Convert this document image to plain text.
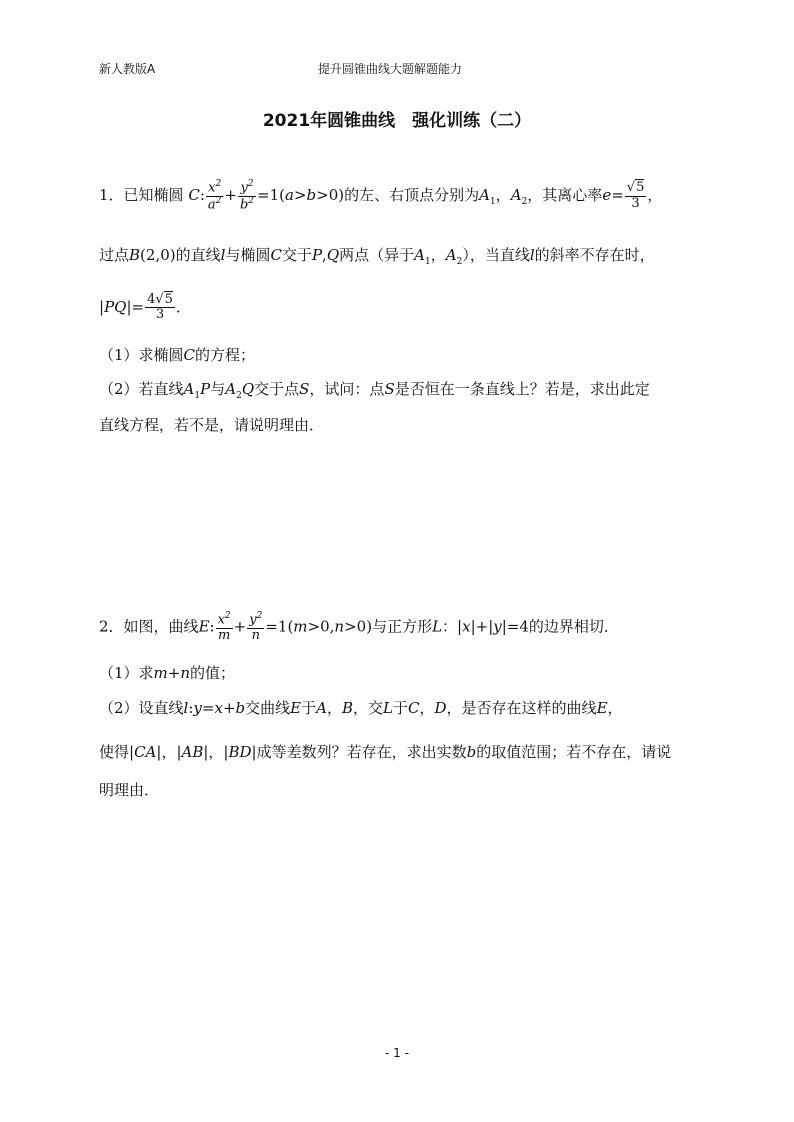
新人教版A	提升圆锥曲线大题解题能力
2021年圆锥曲线　强化训练（二）
1．已知椭圆 C: $\frac{x^2}{a^2} + \frac{y^2}{b^2} =1(a>b>0)$的左、右顶点分别为$A_1$，$A_2$，其离心率$e= \frac{√5}{3}$ ，
过点B(2,0)的直线l与椭圆C交于P,Q两点（异于$A_1$，$A_2$），当直线l的斜率不存在时，
$|PQ|= \frac{4√5}{3}$ ．
（1）求椭圆C的方程；
（2）若直线$A_1P$与$A_2Q$交于点S，试问：点S是否恒在一条直线上？若是，求出此定
直线方程，若不是，请说明理由．
2．如图，曲线E: $\frac{x^2}{m} + \frac{y^2}{n} =1(m>0,n>0)$与正方形L：|x|+|y|=4的边界相切．
（1）求m+n的值；
（2）设直线l:y=x+b交曲线E于A，B，交L于C，D，是否存在这样的曲线E，
使得|CA|，|AB|，|BD|成等差数列？若存在，求出实数b的取值范围；若不存在，请说
明理由．
- 1 -
